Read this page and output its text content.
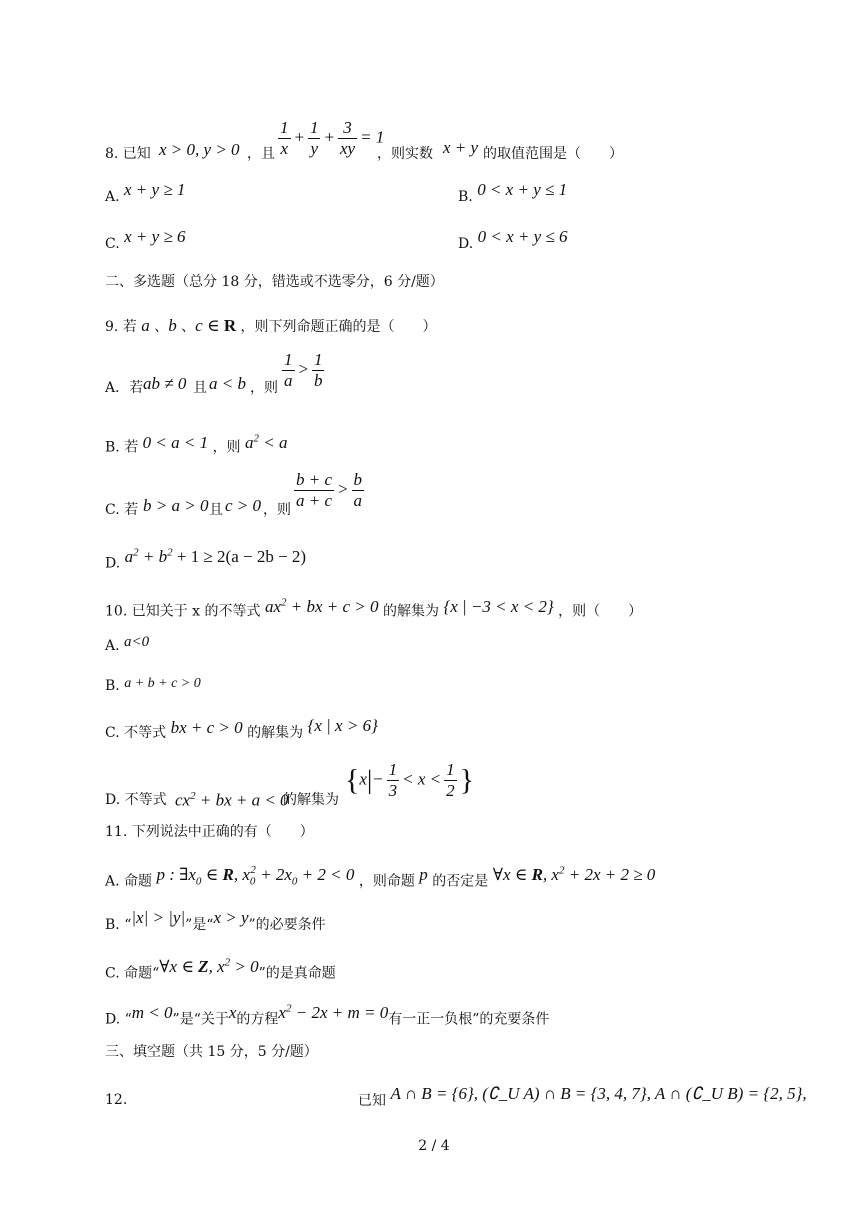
8. 已知 x > 0, y > 0 ，且 $\frac{1}{x} + \frac{1}{y} + \frac{3}{xy} = 1$
，则实数 x + y 的取值范围是（　　）
A. x + y ≥ 1	B. 0 < x + y ≤ 1
C. x + y ≥ 6	D. 0 < x + y ≤ 6
二、多选题（总分 18 分，错选或不选零分，6 分/题）
9. 若 a 、b 、c ∈ R ，则下列命题正确的是（　　）
A．若 ab ≠ 0 且 a < b ，则 $\frac{1}{a} > \frac{1}{b}$
B. 若 0 < a < 1 ，则 $a^2 < a$
C. 若 b > a > 0 且 c > 0 ，则 $\frac{b + c}{a + c} > \frac{b}{a}$
D. $a^2 + b^2 + 1 \ge 2(a - 2b - 2)$
10. 已知关于 x 的不等式 $ax^2$ + bx + c > 0 的解集为 {x | −3 < x < 2} ，则（　　）
A. a<0
B. a + b + c > 0
C. 不等式 bx + c > 0 的解集为 {x | x > 6}
D. 不等式 $cx^2$ + bx + a < 0
的解集为
{$x|- \frac{1}{3} < x < \frac{1}{2}$ }
11. 下列说法中正确的有（　　）
A. 命题 p : $\exists x_0$ ∈ R, $x_0^2 + 2x_0 + 2 < 0$ ，则命题 p 的否定是 ∀x ∈ R, $x^2 + 2x + 2 \ge 0$
B. “|x| > |y|”是“x > y”的必要条件
C. 命题“∀x ∈ Z, $x^2 > 0$”的是真命题
D. “m < 0”是“关于x的方程$x^2 - 2x + m = 0$有一正一负根”的充要条件
三、填空题（共 15 分，5 分/题）
12.	已知 A ∩ B = {6}, (∁_U A) ∩ B = {3, 4, 7}, A ∩ (∁_U B) = {2, 5},
2 / 4
